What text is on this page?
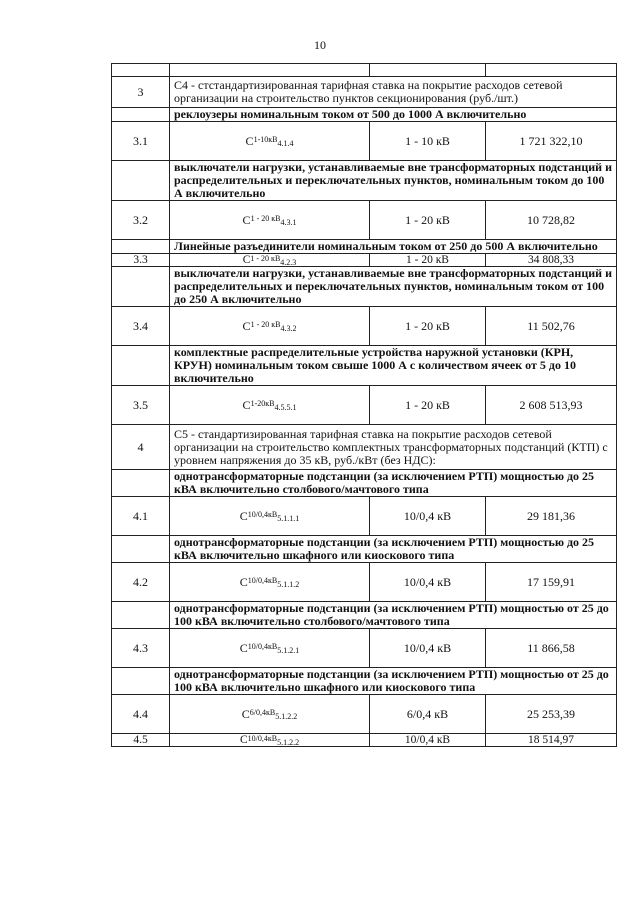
10

3	С4 - стстандартизированная тарифная ставка на покрытие расходов сетевой организации на строительство пунктов секционирования (руб./шт.)		
	реклоузеры номинальным током от 500 до 1000 А включительно		
3.1	$С^{1-10кВ}_{4.1.4}$	1 - 10 кВ	1 721 322,10
	выключатели нагрузки, устанавливаемые вне трансформаторных подстанций и распределительных и переключательных пунктов, номинальным током до 100 А включительно		
3.2	$С^{1 - 20 кВ}_{4.3.1}$	1 - 20 кВ	10 728,82
	Линейные разъединители номинальным током от 250 до 500 А включительно		
3.3	$С^{1 - 20 кВ}_{4.2.3}$	1 - 20 кВ	34 808,33
	выключатели нагрузки, устанавливаемые вне трансформаторных подстанций и распределительных и переключательных пунктов, номинальным током от 100 до 250 А включительно		
3.4	$С^{1 - 20 кВ}_{4.3.2}$	1 - 20 кВ	11 502,76
	комплектные распределительные устройства наружной установки (КРН, КРУН) номинальным током свыше 1000 А с количеством ячеек от 5 до 10 включительно		
3.5	$С^{1-20кВ}_{4.5.5.1}$	1 - 20 кВ	2 608 513,93
4	С5 - стандартизированная тарифная ставка на покрытие расходов сетевой организации на строительство комплектных трансформаторных подстанций (КТП) с уровнем напряжения до 35 кВ, руб./кВт (без НДС):		
	однотрансформаторные подстанции (за исключением РТП) мощностью до 25 кВА включительно столбового/мачтового типа		
4.1	$С^{10/0,4кВ}_{5.1.1.1}$	10/0,4 кВ	29 181,36
	однотрансформаторные подстанции (за исключением РТП) мощностью до 25 кВА включительно шкафного или киоскового типа		
4.2	$С^{10/0,4кВ}_{5.1.1.2}$	10/0,4 кВ	17 159,91
	однотрансформаторные подстанции (за исключением РТП) мощностью от 25 до 100 кВА включительно столбового/мачтового типа		
4.3	$С^{10/0,4кВ}_{5.1.2.1}$	10/0,4 кВ	11 866,58
	однотрансформаторные подстанции (за исключением РТП) мощностью от 25 до 100 кВА включительно шкафного или киоскового типа		
4.4	$С^{6/0,4кВ}_{5.1.2.2}$	6/0,4 кВ	25 253,39
4.5	$С^{10/0,4кВ}_{5.1.2.2}$	10/0,4 кВ	18 514,97
